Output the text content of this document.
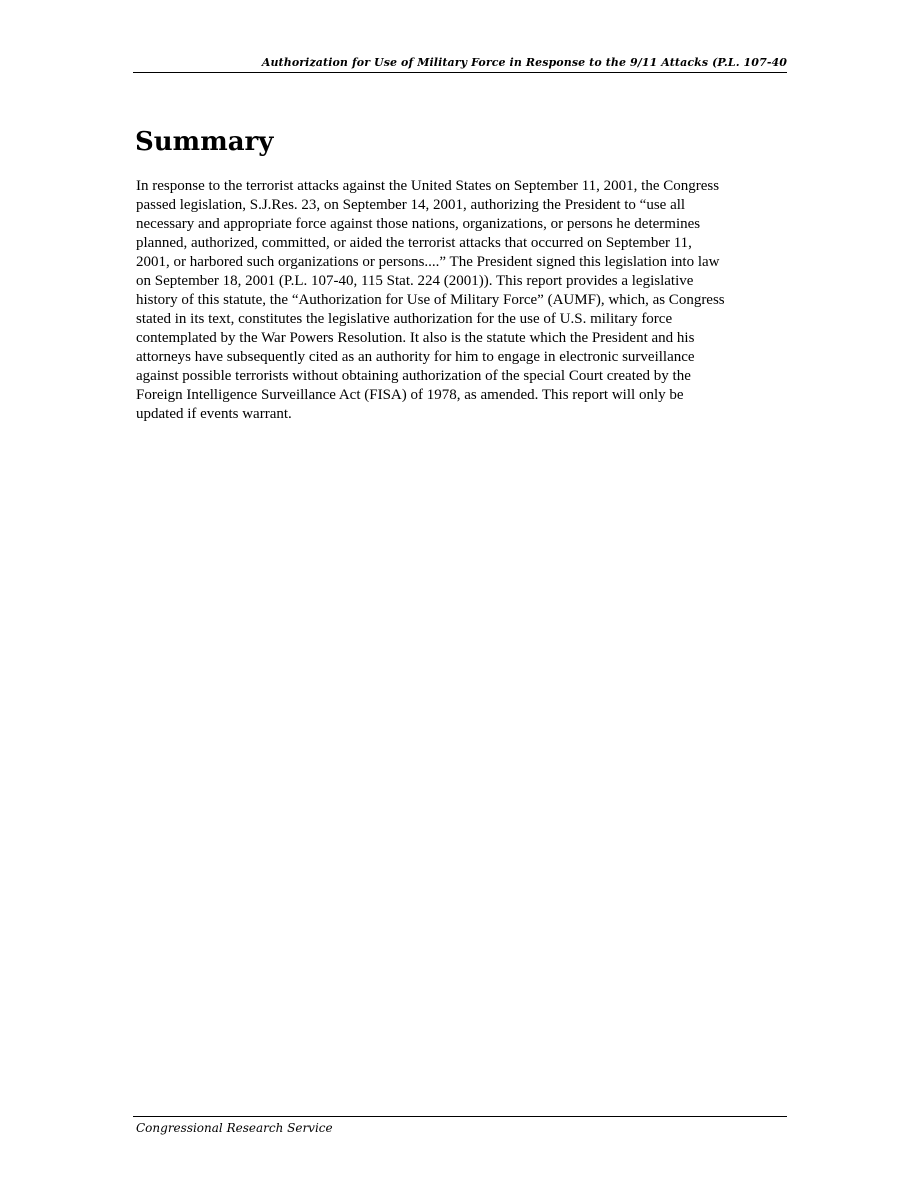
Authorization for Use of Military Force in Response to the 9/11 Attacks (P.L. 107-40
Summary
In response to the terrorist attacks against the United States on September 11, 2001, the Congress
passed legislation, S.J.Res. 23, on September 14, 2001, authorizing the President to “use all
necessary and appropriate force against those nations, organizations, or persons he determines
planned, authorized, committed, or aided the terrorist attacks that occurred on September 11,
2001, or harbored such organizations or persons....” The President signed this legislation into law
on September 18, 2001 (P.L. 107-40, 115 Stat. 224 (2001)). This report provides a legislative
history of this statute, the “Authorization for Use of Military Force” (AUMF), which, as Congress
stated in its text, constitutes the legislative authorization for the use of U.S. military force
contemplated by the War Powers Resolution. It also is the statute which the President and his
attorneys have subsequently cited as an authority for him to engage in electronic surveillance
against possible terrorists without obtaining authorization of the special Court created by the
Foreign Intelligence Surveillance Act (FISA) of 1978, as amended. This report will only be
updated if events warrant.
Congressional Research Service
